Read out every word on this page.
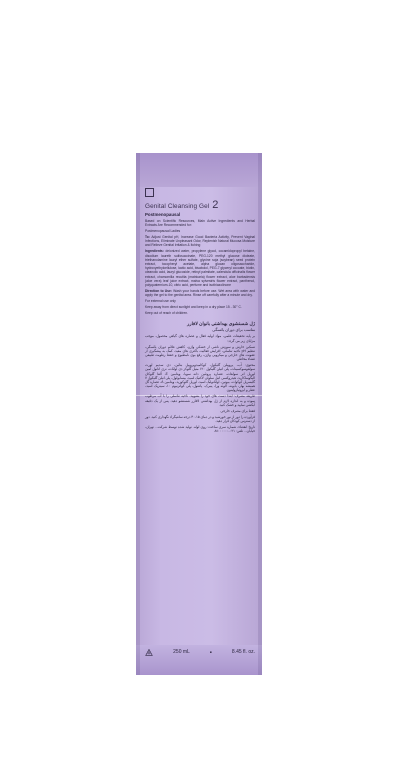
Genital Cleansing Gel 2
Postmenopausal

Based on Scientific Resources, Main Active Ingredients and Herbal Extracts Are Recommended for:

Postmenopausal Ladies

To: Adjust Genital pH, Increase Good Bacteria Activity, Prevent Vaginal Infections, Eliminate Unpleasant Odor, Replenish Natural Mucosa Moisture and Relieve Genital Irritation & Itching

Ingredients: deionized water, propylene glycol, cocamidopropyl betaine, disodium laureth sulfosuccinate, PEG-120 methyl glucose dioleate, triethanolamine lauryl ether sulfate, glycine soja (soybean) seed protein extract, tocopheryl acetate, alpha glucan oligosaccharide, hydroxyethylcellulose, lactic acid, bisabolol, PEG-7 glyceryl cocoate, biotin, oleanolic acid, lauryl glucoside, retinyl palmitate, calendula officinalis flower extract, chamomilla recutita (matricaria) flower extract, aloe barbadensis (aloe vera) leaf juice extract, malva sylvestris flower extract, panthenol, polyquaternium-10, citric acid, perfume and isothiazolinone

Direction to Use: Wash your hands before use. Wet area with water and apply the gel to the genital area. Rinse off carefully after a minute and dry.

For external use only

Keep away from direct sunlight and keep in a dry place 15 - 30° C.

Keep out of reach of children.

ژل شستشوی بهداشتی بانوان لافارر
مناسب برای دوران یائسگی

بر پایه تحقیقات علمی، مواد اولیه فعال و عصاره های گیاهی محصول، موجب مزایای زیر می گردد:

تسکین خارش و سوزش ناشی از خشکی واژن، کاهش علائم دوران یائسگی، تنظیم pH ناحیه تناسلی، افزایش فعالیت باکتری های مفید، کمک به پیشگیری از عفونت های خارجی و میکروبی واژن، رفع بوی نامطبوع و حفظ رطوبت طبیعی غشاء مخاطی

محتوی: آب، پروپیلن گلیکول، کوکامیدوپروپیل بتائین، دی سدیم لورت سولفوسوکسینات، پلی اتیلن گلیکول ۱۲۰ متیل گلوکز دی اولئات، تری اتانول آمین لوریل اتر سولفات، عصاره پروتئین دانه سویا، ویتامین E، آلفا گلوکان الیگوساکارید، هیدروکسی اتیل سلولز، لاکتیک اسید، بیسابولول، پلی اتیلن گلیکول ۷ گلیسریل کوکوات، بیوتین، اولئانولیک اسید، لوریل گلوکوزید، ویتامین A، عصاره گل همیشه بهار، بابونه، آلوئه ورا، پنیرک، پانتنول، پلی کواترنیوم ۱۰، سیتریک اسید، عطر و ایزوتیازولینون

طریقه مصرف: ابتدا دست های خود را بشویید. ناحیه تناسلی را با آب مرطوب نموده و به اندازه لازم از ژل بهداشتی لافارر شستشو دهید. پس از یک دقیقه آبکشی نمایید و خشک کنید.

فقط برای مصرف خارجی

فرآورده را دور از نور خورشید و در دمای ۱۵-۳۰ درجه سانتیگراد نگهداری کنید. دور از دسترس کودکان قرار دهید.

تاریخ انقضاء، شماره سری ساخت: روی لوله. تولید شده توسط شرکت... تهران، خیابان... تلفن: ۰۲۱-۸۸۰۰۰۰۰۰

250 mL	■	8.45 fl. oz.
